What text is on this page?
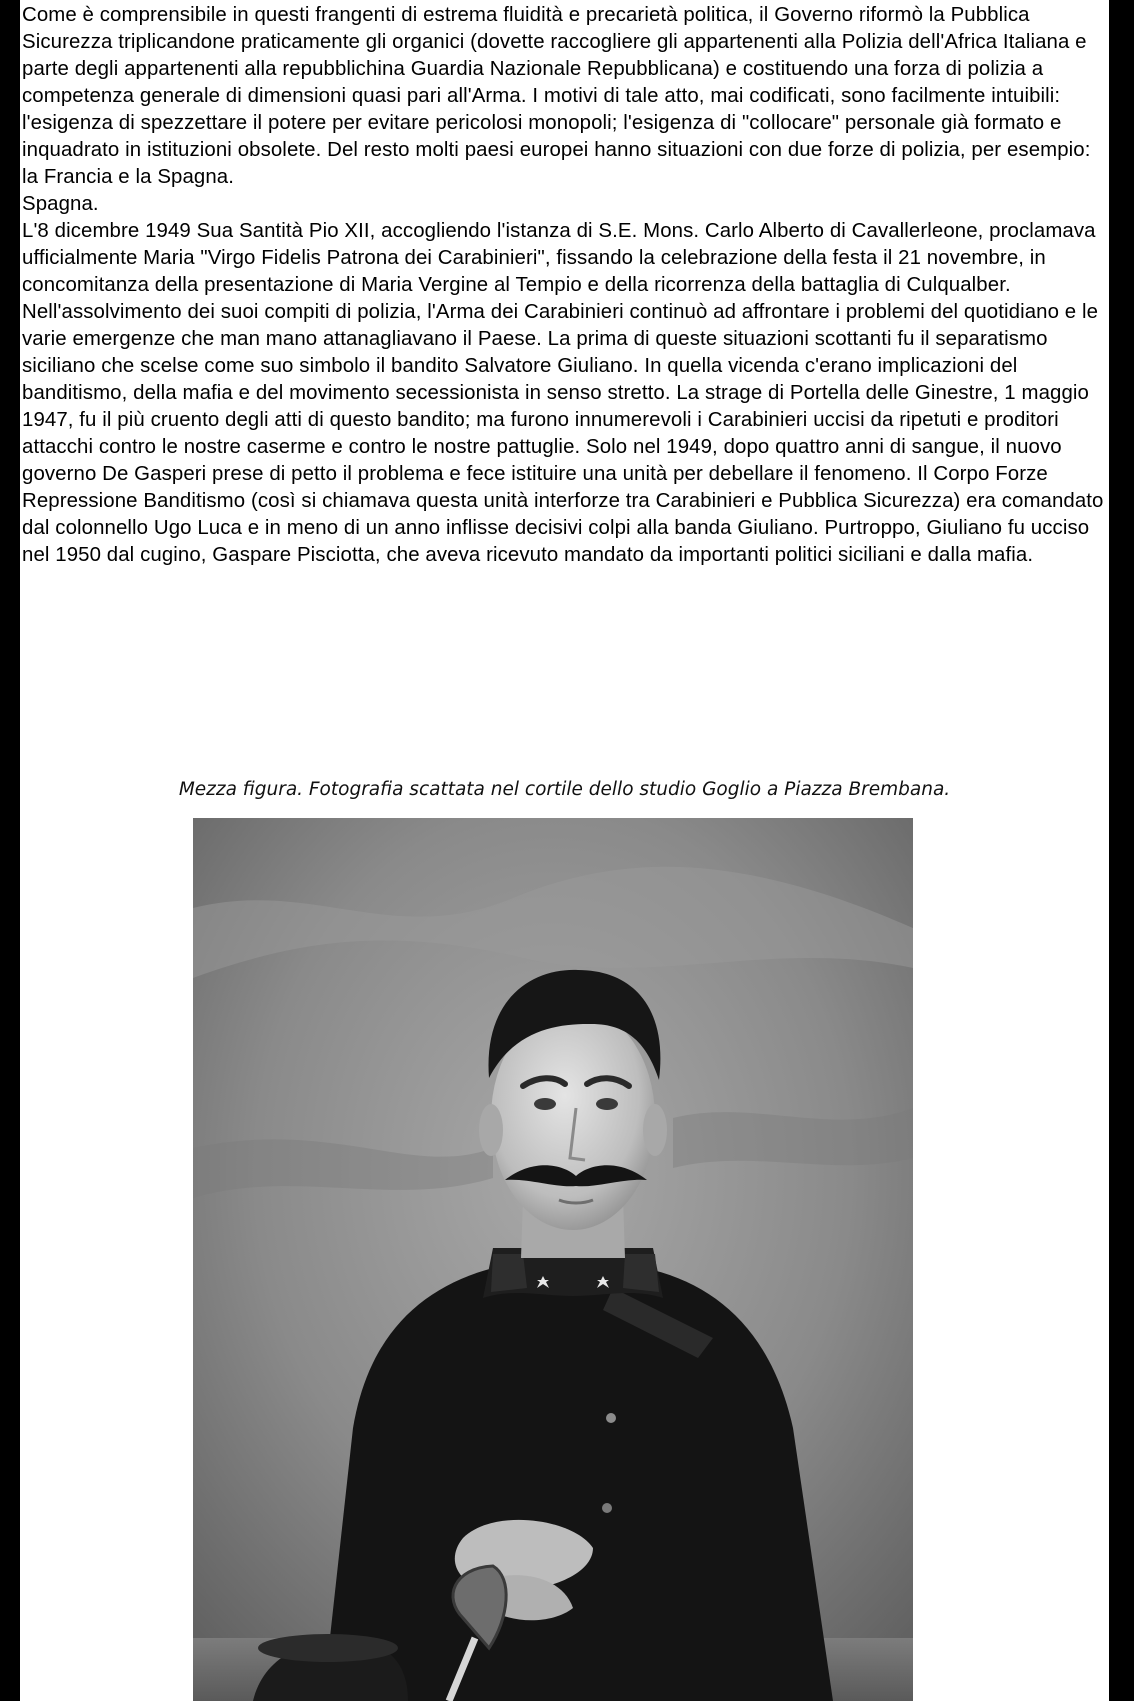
Come è comprensibile in questi frangenti di estrema fluidità e precarietà politica, il Governo riformò la Pubblica Sicurezza triplicandone praticamente gli organici (dovette raccogliere gli appartenenti alla Polizia dell'Africa Italiana e parte degli appartenenti alla repubblichina Guardia Nazionale Repubblicana) e costituendo una forza di polizia a competenza generale di dimensioni quasi pari all'Arma. I motivi di tale atto, mai codificati, sono facilmente intuibili: l'esigenza di spezzettare il potere per evitare pericolosi monopoli; l'esigenza di "collocare" personale già formato e inquadrato in istituzioni obsolete. Del resto molti paesi europei hanno situazioni con due forze di polizia, per esempio: la Francia e la Spagna.

Spagna.

L'8 dicembre 1949 Sua Santità Pio XII, accogliendo l'istanza di S.E. Mons. Carlo Alberto di Cavallerleone, proclamava ufficialmente Maria "Virgo Fidelis Patrona dei Carabinieri", fissando la celebrazione della festa il 21 novembre, in concomitanza della presentazione di Maria Vergine al Tempio e della ricorrenza della battaglia di Culqualber.

Nell'assolvimento dei suoi compiti di polizia, l'Arma dei Carabinieri continuò ad affrontare i problemi del quotidiano e le varie emergenze che man mano attanagliavano il Paese. La prima di queste situazioni scottanti fu il separatismo siciliano che scelse come suo simbolo il bandito Salvatore Giuliano. In quella vicenda c'erano implicazioni del banditismo, della mafia e del movimento secessionista in senso stretto. La strage di Portella delle Ginestre, 1 maggio 1947, fu il più cruento degli atti di questo bandito; ma furono innumerevoli i Carabinieri uccisi da ripetuti e proditori attacchi contro le nostre caserme e contro le nostre pattuglie. Solo nel 1949, dopo quattro anni di sangue, il nuovo governo De Gasperi prese di petto il problema e fece istituire una unità per debellare il fenomeno. Il Corpo Forze Repressione Banditismo (così si chiamava questa unità interforze tra Carabinieri e Pubblica Sicurezza) era comandato dal colonnello Ugo Luca e in meno di un anno inflisse decisivi colpi alla banda Giuliano. Purtroppo, Giuliano fu ucciso nel 1950 dal cugino, Gaspare Pisciotta, che aveva ricevuto mandato da importanti politici siciliani e dalla mafia.

Mezza figura. Fotografia scattata nel cortile dello studio Goglio a Piazza Brembana.
